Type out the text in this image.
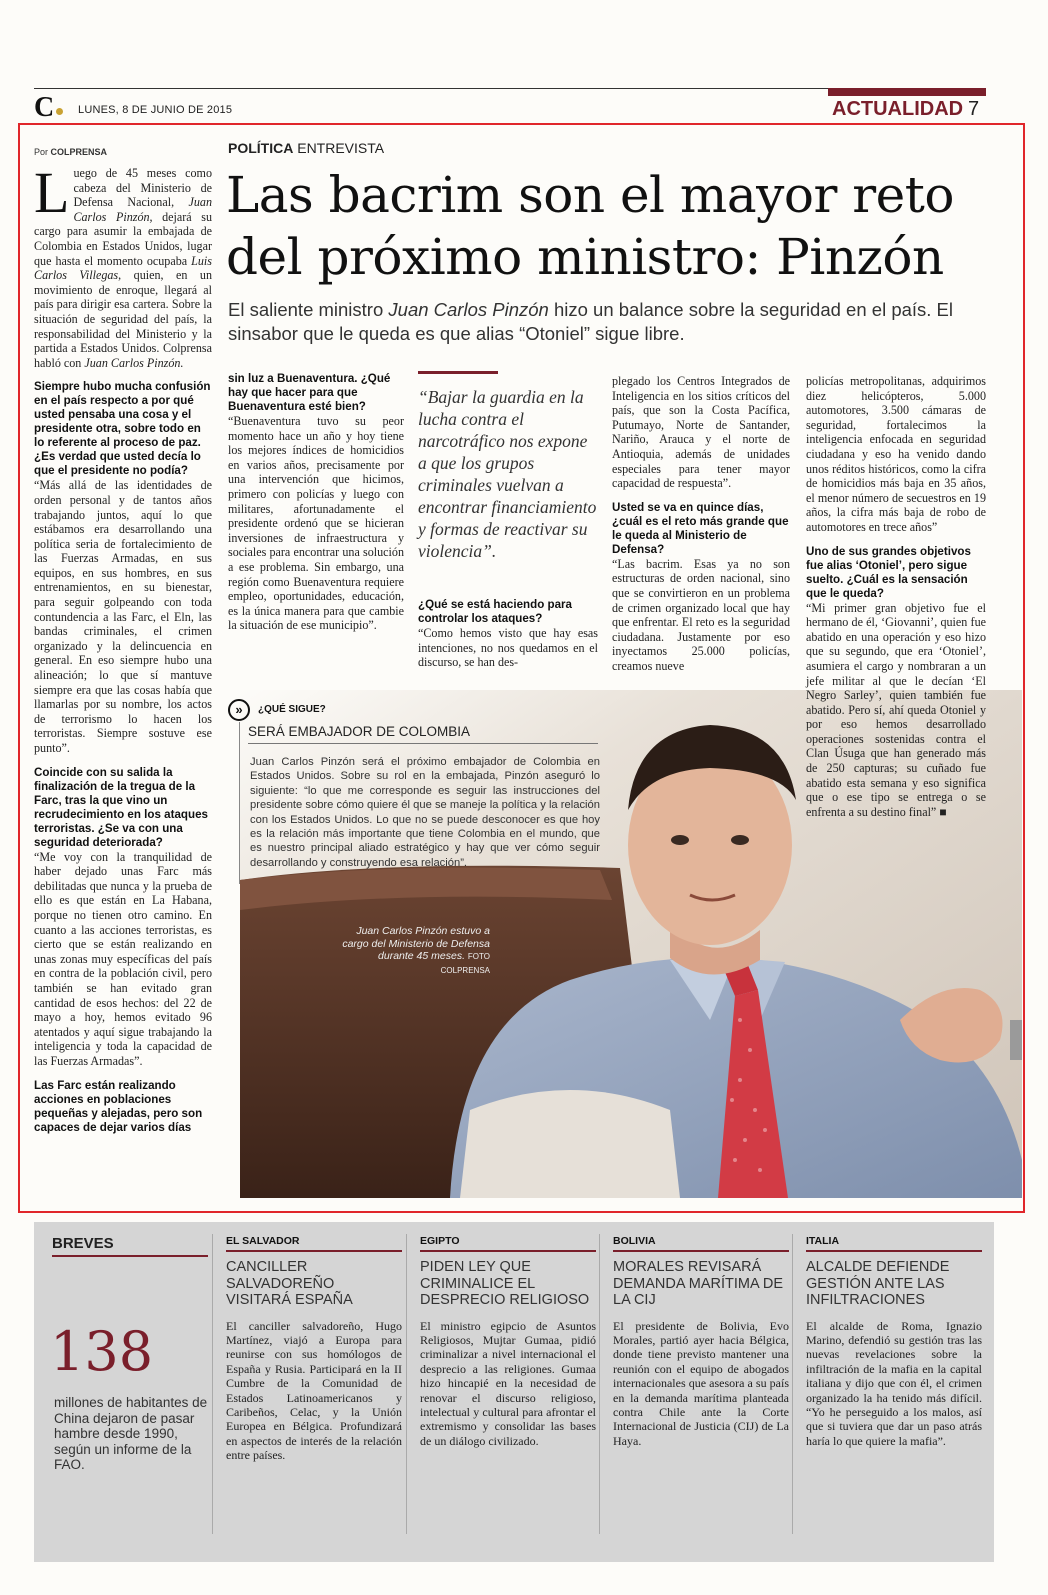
C LUNES, 8 DE JUNIO DE 2015	ACTUALIDAD 7
Por COLPRENSA	POLÍTICA ENTREVISTA
Las bacrim son el mayor reto
del próximo ministro: Pinzón
El saliente ministro Juan Carlos Pinzón hizo un balance sobre la seguridad en el país. El sinsabor que le queda es que alias “Otoniel” sigue libre.

Luego de 45 meses como cabeza del Ministerio de Defensa Nacional, Juan Carlos Pinzón, dejará su cargo para asumir la embajada de Colombia en Estados Unidos, lugar que hasta el momento ocupaba Luis Carlos Villegas, quien, en un movimiento de enroque, llegará al país para dirigir esa cartera. Sobre la situación de seguridad del país, la responsabilidad del Ministerio y la partida a Estados Unidos. Colprensa habló con Juan Carlos Pinzón.

Siempre hubo mucha confusión en el país respecto a por qué usted pensaba una cosa y el presidente otra, sobre todo en lo referente al proceso de paz. ¿Es verdad que usted decía lo que el presidente no podía?

“Más allá de las identidades de orden personal y de tantos años trabajando juntos, aquí lo que estábamos era desarrollando una política seria de fortalecimiento de las Fuerzas Armadas, en sus equipos, en sus hombres, en sus entrenamientos, en su bienestar, para seguir golpeando con toda contundencia a las Farc, el Eln, las bandas criminales, el crimen organizado y la delincuencia en general. En eso siempre hubo una alineación; lo que sí mantuve siempre era que las cosas había que llamarlas por su nombre, los actos de terrorismo lo hacen los terroristas. Siempre sostuve ese punto”.

Coincide con su salida la finalización de la tregua de la Farc, tras la que vino un recrudecimiento en los ataques terroristas. ¿Se va con una seguridad deteriorada?

“Me voy con la tranquilidad de haber dejado unas Farc más debilitadas que nunca y la prueba de ello es que están en La Habana, porque no tienen otro camino. En cuanto a las acciones terroristas, es cierto que se están realizando en unas zonas muy específicas del país en contra de la población civil, pero también se han evitado gran cantidad de esos hechos: del 22 de mayo a hoy, hemos evitado 96 atentados y aquí sigue trabajando la inteligencia y toda la capacidad de las Fuerzas Armadas”.

Las Farc están realizando acciones en poblaciones pequeñas y alejadas, pero son capaces de dejar varios días

sin luz a Buenaventura. ¿Qué hay que hacer para que Buenaventura esté bien?

“Buenaventura tuvo su peor momento hace un año y hoy tiene los mejores índices de homicidios en varios años, precisamente por una intervención que hicimos, primero con policías y luego con militares, afortunadamente el presidente ordenó que se hicieran inversiones de infraestructura y sociales para encontrar una solución a ese problema. Sin embargo, una región como Buenaventura requiere empleo, oportunidades, educación, es la única manera para que cambie la situación de ese municipio”.

“Bajar la guardia en la lucha contra el narcotráfico nos expone a que los grupos criminales vuelvan a encontrar financiamiento y formas de reactivar su violencia”.

¿Qué se está haciendo para controlar los ataques?

“Como hemos visto que hay esas intenciones, no nos quedamos en el discurso, se han des-

plegado los Centros Integrados de Inteligencia en los sitios críticos del país, que son la Costa Pacífica, Putumayo, Norte de Santander, Nariño, Arauca y el norte de Antioquia, además de unidades especiales para tener mayor capacidad de respuesta”.

Usted se va en quince días, ¿cuál es el reto más grande que le queda al Ministerio de Defensa?

“Las bacrim. Esas ya no son estructuras de orden nacional, sino que se convirtieron en un problema de crimen organizado local que hay que enfrentar. El reto es la seguridad ciudadana. Justamente por eso inyectamos 25.000 policías, creamos nueve

policías metropolitanas, adquirimos diez helicópteros, 5.000 automotores, 3.500 cámaras de seguridad, fortalecimos la inteligencia enfocada en seguridad ciudadana y eso ha venido dando unos réditos históricos, como la cifra de homicidios más baja en 35 años, el menor número de secuestros en 19 años, la cifra más baja de robo de automotores en trece años”

Uno de sus grandes objetivos fue alias ‘Otoniel’, pero sigue suelto. ¿Cuál es la sensación que le queda?

“Mi primer gran objetivo fue el hermano de él, ‘Giovanni’, quien fue abatido en una operación y eso hizo que su segundo, que era ‘Otoniel’, asumiera el cargo y nombraran a un jefe militar al que le decían ‘El Negro Sarley’, quien también fue abatido. Pero sí, ahí queda Otoniel y por eso hemos desarrollado operaciones sostenidas contra el Clan Úsuga que han generado más de 250 capturas; su cuñado fue abatido esta semana y eso significa que o ese tipo se entrega o se enfrenta a su destino final” ■

»	¿QUÉ SIGUE?
SERÁ EMBAJADOR DE COLOMBIA
Juan Carlos Pinzón será el próximo embajador de Colombia en Estados Unidos. Sobre su rol en la embajada, Pinzón aseguró lo siguiente: “lo que me corresponde es seguir las instrucciones del presidente sobre cómo quiere él que se maneje la política y la relación con los Estados Unidos. Lo que no se puede desconocer es que hoy es la relación más importante que tiene Colombia en el mundo, que es nuestro principal aliado estratégico y hay que ver cómo seguir desarrollando y construyendo esa relación”.
Juan Carlos Pinzón estuvo a cargo del Ministerio de Defensa durante 45 meses. FOTO COLPRENSA
BREVES
138
millones de habitantes de China dejaron de pasar hambre desde 1990, según un informe de la FAO.
EL SALVADOR
CANCILLER SALVADOREÑO VISITARÁ ESPAÑA
El canciller salvadoreño, Hugo Martínez, viajó a Europa para reunirse con sus homólogos de España y Rusia. Participará en la II Cumbre de la Comunidad de Estados Latinoamericanos y Caribeños, Celac, y la Unión Europea en Bélgica. Profundizará en aspectos de interés de la relación entre países.
EGIPTO
PIDEN LEY QUE CRIMINALICE EL DESPRECIO RELIGIOSO
El ministro egipcio de Asuntos Religiosos, Mujtar Gumaa, pidió criminalizar a nivel internacional el desprecio a las religiones. Gumaa hizo hincapié en la necesidad de renovar el discurso religioso, intelectual y cultural para afrontar el extremismo y consolidar las bases de un diálogo civilizado.
BOLIVIA
MORALES REVISARÁ DEMANDA MARÍTIMA DE LA CIJ
El presidente de Bolivia, Evo Morales, partió ayer hacia Bélgica, donde tiene previsto mantener una reunión con el equipo de abogados internacionales que asesora a su país en la demanda marítima planteada contra Chile ante la Corte Internacional de Justicia (CIJ) de La Haya.
ITALIA
ALCALDE DEFIENDE GESTIÓN ANTE LAS INFILTRACIONES
El alcalde de Roma, Ignazio Marino, defendió su gestión tras las nuevas revelaciones sobre la infiltración de la mafia en la capital italiana y dijo que con él, el crimen organizado la ha tenido más difícil. “Yo he perseguido a los malos, así que si tuviera que dar un paso atrás haría lo que quiere la mafia”.
